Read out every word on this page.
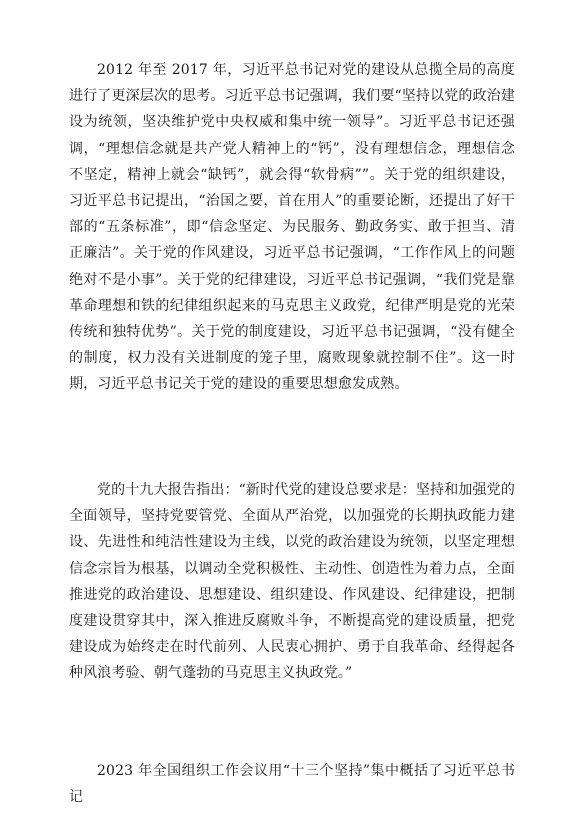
2012 年至 2017 年，习近平总书记对党的建设从总揽全局的高度进行了更深层次的思考。习近平总书记强调，我们要“坚持以党的政治建设为统领，坚决维护党中央权威和集中统一领导”。习近平总书记还强调，“理想信念就是共产党人精神上的“钙”，没有理想信念，理想信念不坚定，精神上就会“缺钙”，就会得“软骨病””。关于党的组织建设，习近平总书记提出，“治国之要，首在用人”的重要论断，还提出了好干部的“五条标准”，即“信念坚定、为民服务、勤政务实、敢于担当、清正廉洁”。关于党的作风建设，习近平总书记强调，“工作作风上的问题绝对不是小事”。关于党的纪律建设，习近平总书记强调，“我们党是靠革命理想和铁的纪律组织起来的马克思主义政党，纪律严明是党的光荣传统和独特优势”。关于党的制度建设，习近平总书记强调，“没有健全的制度，权力没有关进制度的笼子里，腐败现象就控制不住”。这一时期，习近平总书记关于党的建设的重要思想愈发成熟。

党的十九大报告指出：“新时代党的建设总要求是：坚持和加强党的全面领导，坚持党要管党、全面从严治党，以加强党的长期执政能力建设、先进性和纯洁性建设为主线，以党的政治建设为统领，以坚定理想信念宗旨为根基，以调动全党积极性、主动性、创造性为着力点，全面推进党的政治建设、思想建设、组织建设、作风建设、纪律建设，把制度建设贯穿其中，深入推进反腐败斗争，不断提高党的建设质量，把党建设成为始终走在时代前列、人民衷心拥护、勇于自我革命、经得起各种风浪考验、朝气蓬勃的马克思主义执政党。”

2023 年全国组织工作会议用“十三个坚持”集中概括了习近平总书记
